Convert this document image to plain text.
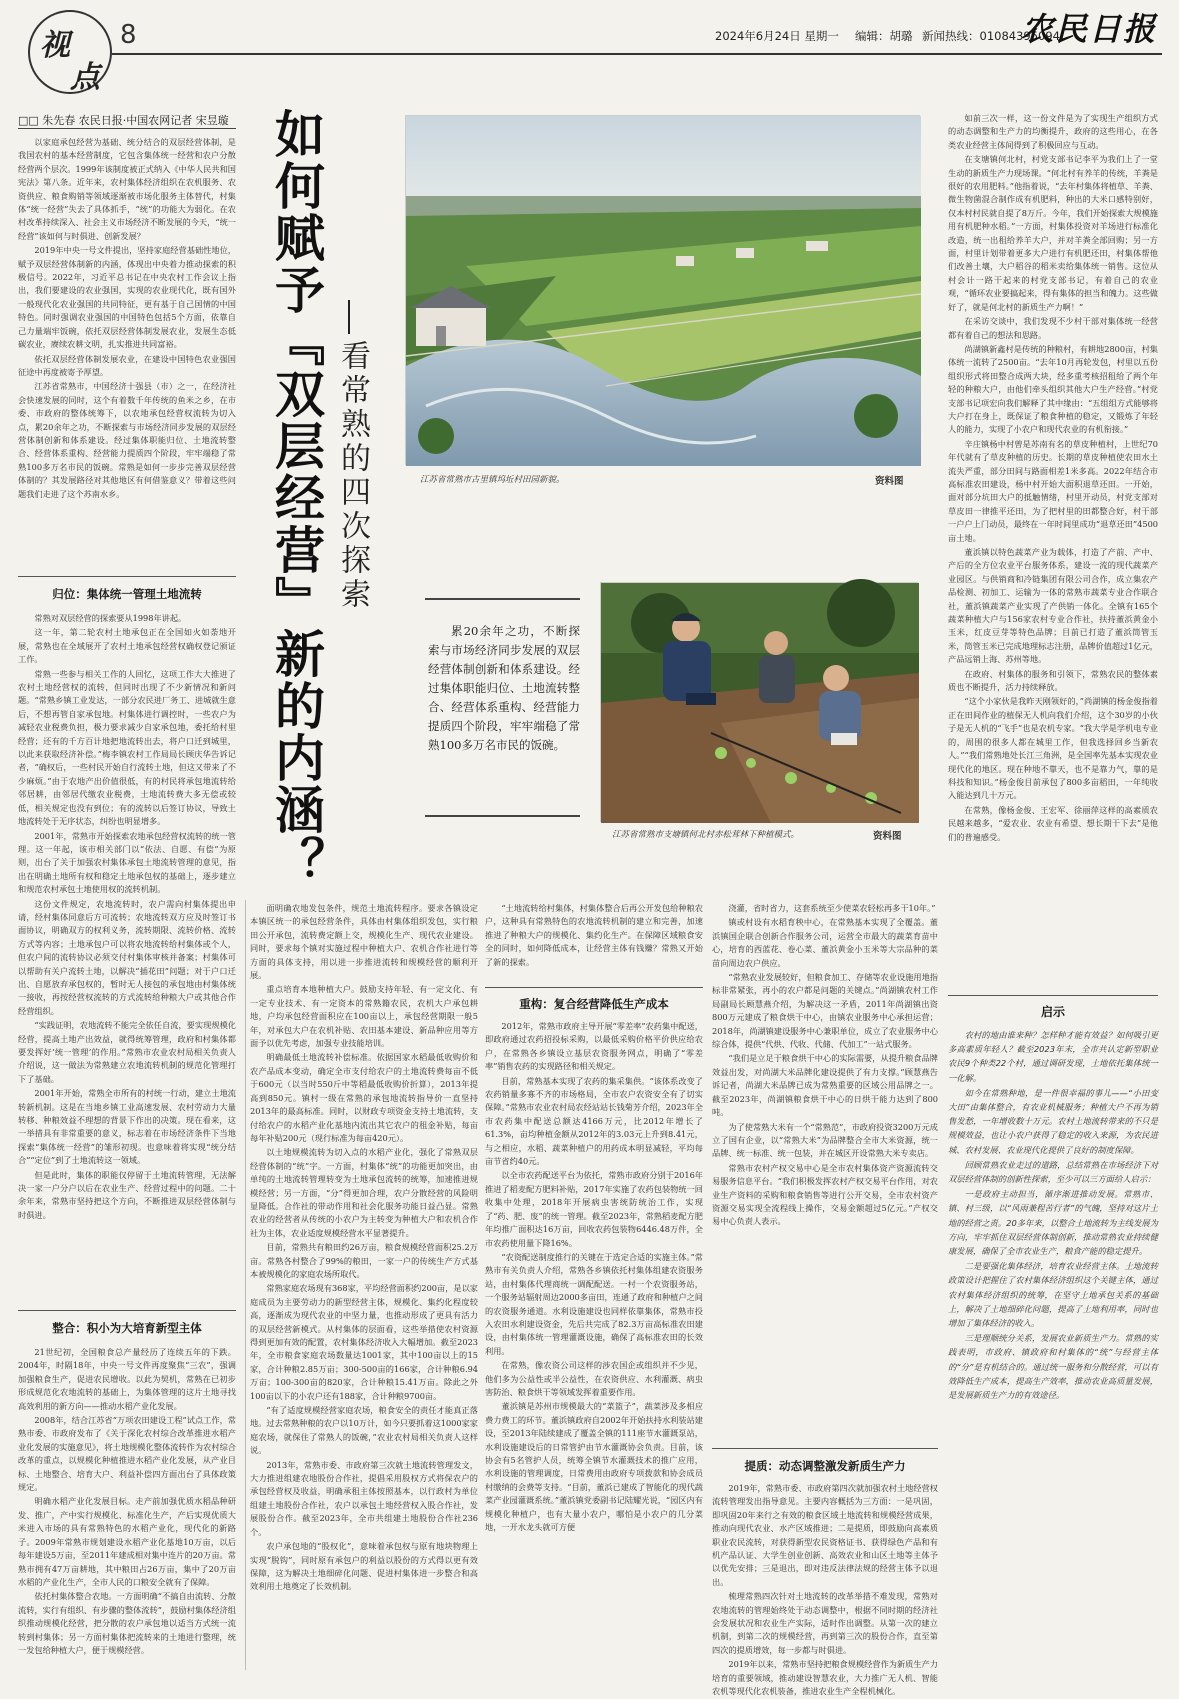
视
点
8	2024年6月24日 星期一 编辑：胡璐 新闻热线：01084395094
农民日报
□□ 朱先春 农民日报·中国农网记者 宋昱璇 如何赋予『双层经营』新的内涵？ 看常熟的四次探索

以家庭承包经营为基础、统分结合的双层经营体制，是我国农村的基本经营制度，它包含集体统一经营和农户分散经营两个层次。1999年该制度被正式纳入《中华人民共和国宪法》第八条。近年来，农村集体经济组织在农机服务、农资供应、粮食购销等领域逐渐被市场化服务主体替代，村集体“统一经营”失去了具体抓手，“统”的功能大为弱化。在农村改革持续深入、社会主义市场经济不断发展的今天，“统一经营”该如何与时俱进、创新发展？

2019年中央一号文件提出，坚持家庭经营基础性地位，赋予双层经营体制新的内涵，体现出中央着力推动探索的积极信号。2022年，习近平总书记在中央农村工作会议上指出，我们要建设的农业强国，实现的农业现代化，既有国外一般现代化农业强国的共同特征，更有基于自己国情的中国特色。同时强调农业强国的中国特色包括5个方面，依靠自己力量端牢饭碗，依托双层经营体制发展农业，发展生态低碳农业，赓续农耕文明，扎实推进共同富裕。

依托双层经营体制发展农业，在建设中国特色农业强国征途中再度被寄予厚望。

江苏省常熟市，中国经济十强县（市）之一，在经济社会快速发展的同时，这个有着数千年传统的鱼米之乡，在市委、市政府的整体统筹下，以农地承包经营权流转为切入点，累20余年之功，不断探索与市场经济同步发展的双层经营体制创新和体系建设。经过集体职能归位、土地流转整合、经营体系重构、经营能力提质四个阶段，牢牢端稳了常熟100多万名市民的饭碗。常熟是如何一步步完善双层经营体制的？其发展路径对其他地区有何借鉴意义？带着这些问题我们走进了这个苏南水乡。

归位：集体统一管理土地流转

常熟对双层经营的探索要从1998年讲起。

这一年，第二轮农村土地承包正在全国如火如荼地开展，常熟也在全域展开了农村土地承包经营权确权登记颁证工作。

常熟一些参与相关工作的人回忆，这项工作大大推进了农村土地经营权的流转，但同时出现了不少新情况和新问题。“常熟乡镇工业发达，一部分农民进厂务工、进城就生意后，不想再管自家承包地。村集体进行调控时，一些农户为减轻农业税费负担，极力要求减少自家承包地，委托给村里经营；还有的千方百计地把地流转出去，将户口迁到城里，以此来获取经济补偿。”梅李镇农村工作局局长顾庆华告诉记者，“确权后，一些村民开始自行流转土地，但这又带来了不少麻烦。”由于农地产出价值很低，有的村民将承包地流转给邻居耕，由邻居代缴农业税费，土地流转费大多无偿或较低，相关规定也没有到位；有的流转以后签订协议，导致土地流转处于无序状态，纠纷也明显增多。

2001年，常熟市开始探索农地承包经营权流转的统一管理。这一年起，该市相关部门以“依法、自愿、有偿”为原则，出台了关于加强农村集体承包土地流转管理的意见，指出在明确土地所有权和稳定土地承包权的基础上，逐步建立和规范农村承包土地使用权的流转机制。

这份文件规定，农地流转时，农户需向村集体提出申请，经村集体同意后方可流转；农地流转双方应及时签订书面协议，明确双方的权利义务，流转期限、流转价格、流转方式等内容；土地承包户可以将农地流转给村集体或个人，但农户间的流转协议必须交付村集体审核并备案；村集体可以帮助有关户流转土地，以解决“插花田”问题；对于户口迁出、自愿放弃承包权的，暂时无人接包的承包地由村集体统一接收，再按经营权流转的方式流转给种粮大户或其他合作经营组织。

“实践证明，农地流转不能完全依任自流，要实现规模化经营，提高土地产出效益，就得统筹管理，政府和村集体都要发挥好‘统一管理’的作用。”常熟市农业农村局相关负责人介绍说，这一做法为常熟建立农地流转机制的规范化管理打下了基础。

2001年开始，常熟全市所有的村统一行动，建立土地流转新机制。这是在当地乡镇工业高速发展、农村劳动力大量转移、种粮效益不理想的背景下作出的决策。现在看来，这一举措具有非常重要的意义，标志着在市场经济条件下当地探索“集体统一经营”的雏形初现。也意味着将实现“统分结合”“定位”到了土地流转这一领域。

但是此时，集体的职能仅停留于土地流转管理，无法解决一家一户分户以后在农业生产、经营过程中的问题。二十余年来，常熟市坚持把这个方向，不断推进双层经营体制与时俱进。

整合：积小为大培育新型主体

21世纪初，全国粮食总产量经历了连续五年的下跌。2004年，时隔18年，中央一号文件再度聚焦“三农”，强调加强粮食生产，促进农民增收。以此为契机，常熟在已初步形成规范化农地流转的基础上，为集体管理的这片土地寻找高效利用的新方向——推动水稻产业化发展。

2008年，结合江苏省“万项农田建设工程”试点工作，常熟市委、市政府发布了《关于深化农村综合改革推进水稻产业化发展的实施意见》，将土地规模化整体流转作为农村综合改革的重点，以规模化种植推进水稻产业化发展，从产业目标、土地整合、培育大户、利益补偿四方面出台了具体政策规定。

明确水稻产业化发展目标。走产前加强优质水稻品种研发、推广，产中实行规模化、标准化生产，产后实现优质大米进入市场的具有常熟特色的水稻产业化，现代化的新路子。2009年常熟市规划建设水稻产业化基地10万亩，以后每年建设5万亩，至2011年建成相对集中连片的20万亩。常熟市拥有47万亩耕地，其中粮田占26万亩，集中了20万亩水稻的产业化生产，全市人民的口粮安全就有了保障。

依托村集体整合农地。一方面明确“不搞自由流转、分散流转，实行有组织、有步骤的整体流转”，鼓励村集体经济组织推动规模化经营，把分散的农户承包地以适当方式统一流转到村集体；另一方面村集体把流转来的土地进行整理，统一发包给种植大户，便于规模经营。

江苏省常熟市古里镇坞坵村田园新貌。	资料图

如前三次一样，这一份文件是为了实现生产组织方式的动态调整和生产力的均衡提升，政府的这些用心，在各类农业经营主体间得到了积极回应与互动。

在支塘镇何北村，村党支部书记李平为我们上了一堂生动的新质生产力现场课。“何北村有养羊的传统，羊粪是很好的农用肥料。”他指着说，“去年村集体将植草、羊粪、微生物菌混合制作成有机肥料，种出的大米口感特别好，仅本村村民就自提了8万斤。今年，我们开始探索大规模施用有机肥种水稻。”一方面，村集体投资对羊场进行标准化改造，统一出租给养羊大户，并对羊粪全部回购；另一方面，村里计划带着更多大户进行有机肥还田，村集体帮他们改善土壤，大户稻谷的稻米卖给集体统一销售。这位从村会计一路干起来的村党支部书记，有着自己的农业观，“循环农业要搞起来，得有集体的担当和魄力。这些做好了，就是何北村的新质生产力啊！”

在采访交谈中，我们发现不少村干部对集体统一经营都有着自己的想法和思路。

尚湖镇新鑫村是传统的种粮村，有耕地2800亩，村集体统一流转了2500亩。“去年10月再轮发包，村里以五份组织形式将田整合成两大块，经多重考核招租给了两个年轻的种粮大户，由他们牵头组织其他大户生产经营。”村党支部书记项宏向我们解释了其中缘由：“五组组方式能够将大户打在身上，既保证了粮食种植的稳定，又锻炼了年轻人的能力，实现了小农户和现代农业的有机衔接。”

辛庄镇杨中村曾是苏南有名的草皮种植村，上世纪70年代就有了草皮种植的历史。长期的草皮种植使农田水土流失严重，部分田间与路面相差1米多高。2022年结合市高标准农田建设，杨中村开始大面积退草还田。一开始，面对部分坑田大户的抵触情绪，村里开动员，村党支部对草皮田一律推平还田，为了把村里的田都整合好，村干部一户户上门动员，最终在一年时间里成功“退草还田”4500亩土地。

董浜镇以特色蔬菜产业为载体，打造了产前、产中、产后的全方位农业平台服务体系，建设一流的现代蔬菜产业园区。与供销商和冷链集团有限公司合作，成立集农产品检测、初加工、运输为一体的常熟市蔬菜专业合作联合社，董浜镇蔬菜产业实现了产供销一体化。全镇有165个蔬菜种植大户与156家农村专业合作社，扶持董浜黄金小玉米，红皮豆芽等特色品牌；目前已打造了董浜筒管玉米，筒管玉米已完成地理标志注册，品牌价值超过1亿元，产品远销上海、苏州等地。

在政府、村集体的服务和引领下，常熟农民的整体素质也不断提升，活力持续释放。

“这个小家伙是我昨天刚领好的，”尚湖镇的杨金俊指着正在田间作业的植保无人机向我们介绍，这个30岁的小伙子是无人机的“飞手”也是农机专家。“我大学是学机电专业的，周围的很多人都在城里工作，但我选择回乡当新农人。”“我们常熟地处长江三角洲，是全国率先基本实现农业现代化的地区。现在种地不靠天，也不是靠力气，靠的是科技和知识。”杨金俊目前承包了800多亩稻田，一年纯收入能达到几十万元。

在常熟，像杨金俊、王宏军、徐丽萍这样的高素质农民越来越多，“爱农业、农业有希望、想长期干下去”是他们的普遍感受。

累20余年之功，不断探索与市场经济同步发展的双层经营体制创新和体系建设。经过集体职能归位、土地流转整合、经营体系重构、经营能力提质四个阶段，牢牢端稳了常熟100多万名市民的饭碗。

江苏省常熟市支塘镇何北村赤松茸林下种植模式。	资料图

面明确农地发包条件，规范土地流转程序。要求各镇设定本镇区统一的承包经营条件，具体由村集体组织发包，实行粮田公开承包，流转费定额上交，规模化生产、现代农业建设。同时，要求每个镇对实施过程中种植大户、农机合作社进行等方面的具体支持，用以进一步推进流转和规模经营的顺利开展。

重点培育本地种植大户。鼓励支持年轻、有一定文化、有一定专业技术、有一定资本的常熟籍农民，农机大户承包耕地，户均承包经营面积应在100亩以上，承包经营期限一般5年，对承包大户在农机补贴、农田基本建设、新品种应用等方面予以优先考虑，加强专业技能培训。

明确最低土地流转补偿标准。依据国家水稻最低收购价和农产品成本变动，确定全市支付给农户的土地流转费每亩不低于600元（以当时550斤中等稻最低收购价折算），2013年提高到850元。镇村一级在常熟的承包地流转指导价一直坚持2013年的最高标准。同时，以财政专项资金支持土地流转，支付给农户的水稻产业化基地内流出其它农户的租金补贴，每亩每年补贴200元（现行标准为每亩420元）。

以土地规模流转为切入点的水稻产业化，强化了常熟双层经营体制的“统”字。一方面，村集体“统”的功能更加突出，由单纯的土地流转管理转变为土地承包流转的统筹，加速推进规模经营；另一方面，“分”得更加合理，农户分散经营的风险明显降低。合作社的带动作用和社会化服务功能日益凸显。常熟农业的经营者从传统的小农户为主转变为种植大户和农机合作社为主体，农业适度规模经营水平显著提升。

目前，常熟共有粮田约26万亩，粮食规模经营面积25.2万亩。常熟各村整合了99%的粮田，一家一户的传统生产方式基本被规模化的家庭农场所取代。

常熟家庭农场现有368家，平均经营面积约200亩，是以家庭成员为主要劳动力的新型经营主体，规模化、集约化程度较高，逐渐成为现代农业的中坚力量，也推动形成了更具有活力的双层经营新模式。从村集体的层面看，这些举措使农村资源得到更加有效的配置，农村集体经济收入大幅增加。截至2023年，全市粮食家庭农场数量达1001家，其中100亩以上的15家，合计种粮2.85万亩；300-500亩的166家，合计种粮6.94万亩；100-300亩的820家，合计种粮15.41万亩。除此之外100亩以下的小农户还有188家，合计种粮9700亩。

“有了适度规模经营家庭农场，粮食安全的责任才能真正落地。过去常熟种粮的农户以10万计，如今只要抓着这1000家家庭农场，就保住了常熟人的饭碗，”农业农村局相关负责人这样说。

2013年，常熟市委、市政府第三次就土地流转管理发文，大力推进组建农地股份合作社，提倡采用股权方式将保农户的承包经营权及收益，明确承租主体按照基本，以行政村为单位组建土地股份合作社，农户以承包土地经营权入股合作社，发展股份合作。截至2023年，全市共组建土地股份合作社236个。

农户承包地的“股权化”，意味着承包权与原有地块物理上实现“脱钩”，同时原有承包户的利益以股份的方式得以更有效保障，这为解决土地细碎化问题、促进村集体进一步整合和高效利用土地奠定了长效机制。

“土地流转给村集体，村集体整合后再公开发包给种粮农户，这种具有常熟特色的农地流转机制的建立和完善，加速推进了种粮大户的规模化、集约化生产。在保障区域粮食安全的同时，如何降低成本，让经营主体有钱赚？常熟又开始了新的探索。

重构：复合经营降低生产成本

2012年，常熟市政府主导开展“零差率”农药集中配送，即政府通过农药招投标采购，以最低采购价格平价供应给农户，在常熟各乡镇设立基层农资服务网点，明确了“零差率”销售农药的实现路径和相关规定。

目前，常熟基本实现了农药的集采集供。“该体系改变了农药销量多寡不齐的市场格局，全市农户农资安全有了切实保障。”常熟市农业农村局农经站站长钱菊芳介绍，2023年全市农药集中配送总额达4166万元，比2012年增长了61.3%，亩均种植金额从2012年的3.03元上升到8.41元，与之相应，水稻、蔬菜种植户的用药成本明显减轻，平均每亩节省约40元。

以全市农药配送平台为依托，常熟市政府分别于2016年推进了稻麦配方肥料补贴，2017年实施了农药包装物统一回收集中处理，2018年开展病虫害统防统治工作，实现了“药、肥、废”的统一管理。截至2023年，常熟稻麦配方肥年均推广面积达16万亩，回收农药包装物6446.48万件，全市农药使用量下降16%。

“农资配送制度推行的关键在于选定合适的实施主体。”常熟市有关负责人介绍，常熟各乡镇依托村集体组建农资服务站，由村集体代理商统一调配配送。一村一个农资服务站，一个服务站辐射周边2000多亩田，连通了政府和种植户之间的农资服务通道。水利设施建设也同样依靠集体，常熟市投入农田水利建设资金，先后共完成了82.3万亩高标准农田建设，由村集体统一管理灌溉设施，确保了高标准农田的长效利用。

在常熟，像农资公司这样的涉农国企或组织并不少见，他们多为公益性或半公益性，在农资供应、水利灌溉、病虫害防治、粮食烘干等领域发挥着重要作用。

董浜镇是苏州市规模最大的“菜篮子”，蔬菜涉及多相应费力费工的环节。董浜镇政府自2002年开始扶持水利装站建设，至2013年陆续建成了覆盖全镇的111座节水灌溉泵站，水利设施建设后的日常管护由节水灌溉协会负责。目前，该协会有5名管护人员，统筹全镇节水灌溉技术的推广应用，水利设施的管理调度，日常费用由政府专项拨款和协会成员村缴纳的会费等支持。“目前，董浜已建成了智能化的现代蔬菜产业园灌溉系统。”董浜镇党委副书记陆耀光说，“园区内有规模化种植户，也有大量小农户，哪怕是小农户的几分菜地，一开水龙头就可方便

浇灌，省时省力，这套系统至少使菜农轻松再多干10年。”

镇或村设有水稻育秧中心，在常熟基本实现了全覆盖。董浜镇国企联合创新合作服务公司，运营全市最大的蔬菜育苗中心，培育的西蓝花、卷心菜、董浜黄金小玉米等大宗品种的菜苗向周边农户供应。

“常熟农业发展较好，但粮食加工、存储等农业设施用地指标非常紧张，再小的农户都是问题的关键点。”尚湖镇农村工作局副局长顾慧燕介绍，为解决这一矛盾，2011年尚湖镇出资800万元建成了粮食烘干中心，由镇农业服务中心承担运营；2018年，尚湖镇建设服务中心兼职单位，成立了农业服务中心综合体，提供“代烘、代收、代储、代加工”一站式服务。

“我们是立足于粮食烘干中心的实际需要，从提升粮食品牌效益出发，对尚湖大米品牌化建设提供了有力支撑。”顾慧燕告诉记者，尚湖大米品牌已成为常熟重要的区域公用品牌之一。截至2023年，尚湖镇粮食烘干中心的日烘干能力达到了800吨。

为了使常熟大米有一个“常熟范”，市政府投资3200万元成立了国有企业，以“常熟大米”为品牌整合全市大米资源，统一品牌、统一标准、统一包装，并在城区开设常熟大米专卖店。

常熟市农村产权交易中心是全市农村集体资产资源流转交易服务信息平台。“我们积极发挥农村产权交易平台作用，对农业生产资料的采购和粮食销售等进行公开交易，全市农村资产资源交易实现全流程线上操作，交易金额超过5亿元。”产权交易中心负责人表示。

提质：动态调整激发新质生产力

2019年，常熟市委、市政府第四次就加强农村土地经营权流转管理发出指导意见。主要内容概括为三方面：一是巩固，即巩固20年来行之有效的粮食区域土地流转和规模经营成果，推动向现代农业、水产区域推进；二是提质，即鼓励向高素质职业农民流转，对获得新型农民资格证书、获得绿色产品和有机产品认证、大学生创业创新、高效农业和山区土地等主体予以优先安排；三是退出，即对违反法律法规的经营主体予以退出。

梳理常熟四次针对土地流转的改革举措不难发现，常熟对农地流转的管理始终处于动态调整中，根据不同时期的经济社会发展状况和农业生产实际，适时作出调整。从第一次的建立机制，到第二次的规模经营，再到第三次的股份合作，直至第四次的提质增效，每一步都与时俱进。

2019年以来，常熟市坚持把粮食规模经营作为新质生产力培育的重要领域，推动建设智慧农业，大力推广无人机、智能农机等现代化农机装备，推进农业生产全程机械化。

启示

农村的地由谁来种？怎样种才能有效益？如何吸引更多高素质年轻人？截至2023年末，全市共认定新型职业农民9个种类22个村，通过调研发现，土地依托集体统一一化解。

如今在常熟种地，是一件很幸福的事儿——“小田变大田”由集体整合，有农业机械服务；种植大户不再为销售发愁，一年增收数十万元。农村土地流转带来的不只是规模效益，也让小农户获得了稳定的收入来源，为农民进城、农村发展、农业现代化提供了良好的制度保障。

回顾常熟农业走过的道路，总结常熟在市场经济下对双层经营体制的创新性探索，至少可以三方面给人启示：

一是政府主动担当，循序渐进推动发展。常熟市、镇、村三级，以“风雨兼程苦行者”的气魄，坚持对这片土地的经营之责。20多年来，以整合土地流转为主线发展为方向，牢牢抓住双层经营体制创新，推动常熟农业持续健康发展，确保了全市农业生产，粮食产能的稳定提升。

二是要强化集体经济，培育农业经营主体。土地流转政策设计把握住了农村集体经济组织这个关键主体，通过农村集体经济组织的统筹，在坚守土地承包关系的基础上，解决了土地细碎化问题，提高了土地利用率，同时也增加了集体经济的收入。

三是理顺统分关系，发展农业新质生产力。常熟的实践表明，市政府、镇政府和村集体的“统”与经营主体的“分”是有机结合的。通过统一服务和分散经营，可以有效降低生产成本，提高生产效率，推动农业高质量发展，是发展新质生产力的有效途径。
